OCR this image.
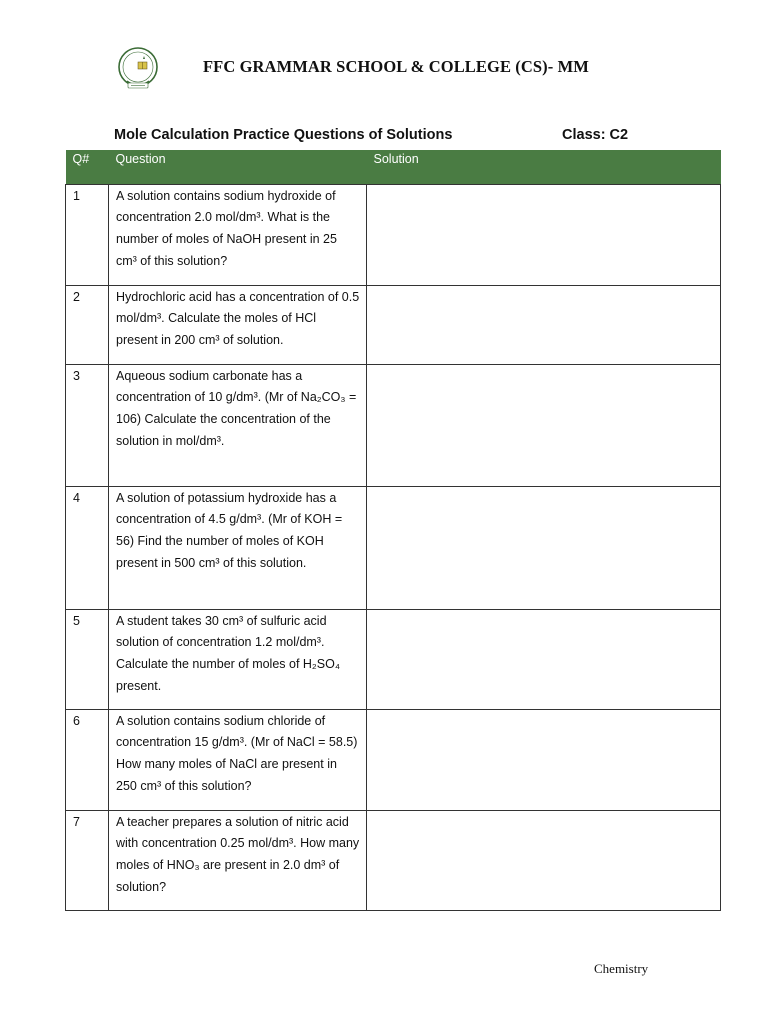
FFC GRAMMAR SCHOOL & COLLEGE (CS)- MM
Mole Calculation Practice Questions of Solutions	Class: C2
Q#	Question	Solution
1	A solution contains sodium hydroxide of concentration 2.0 mol/dm³. What is the number of moles of NaOH present in 25 cm³ of this solution?	
2	Hydrochloric acid has a concentration of 0.5 mol/dm³. Calculate the moles of HCl present in 200 cm³ of solution.	
3	Aqueous sodium carbonate has a concentration of 10 g/dm³. (Mr of Na₂CO₃ = 106) Calculate the concentration of the solution in mol/dm³.	
4	A solution of potassium hydroxide has a concentration of 4.5 g/dm³. (Mr of KOH = 56) Find the number of moles of KOH present in 500 cm³ of this solution.	
5	A student takes 30 cm³ of sulfuric acid solution of concentration 1.2 mol/dm³. Calculate the number of moles of H₂SO₄ present.	
6	A solution contains sodium chloride of concentration 15 g/dm³. (Mr of NaCl = 58.5) How many moles of NaCl are present in 250 cm³ of this solution?	
7	A teacher prepares a solution of nitric acid with concentration 0.25 mol/dm³. How many moles of HNO₃ are present in 2.0 dm³ of solution?	
Chemistry
